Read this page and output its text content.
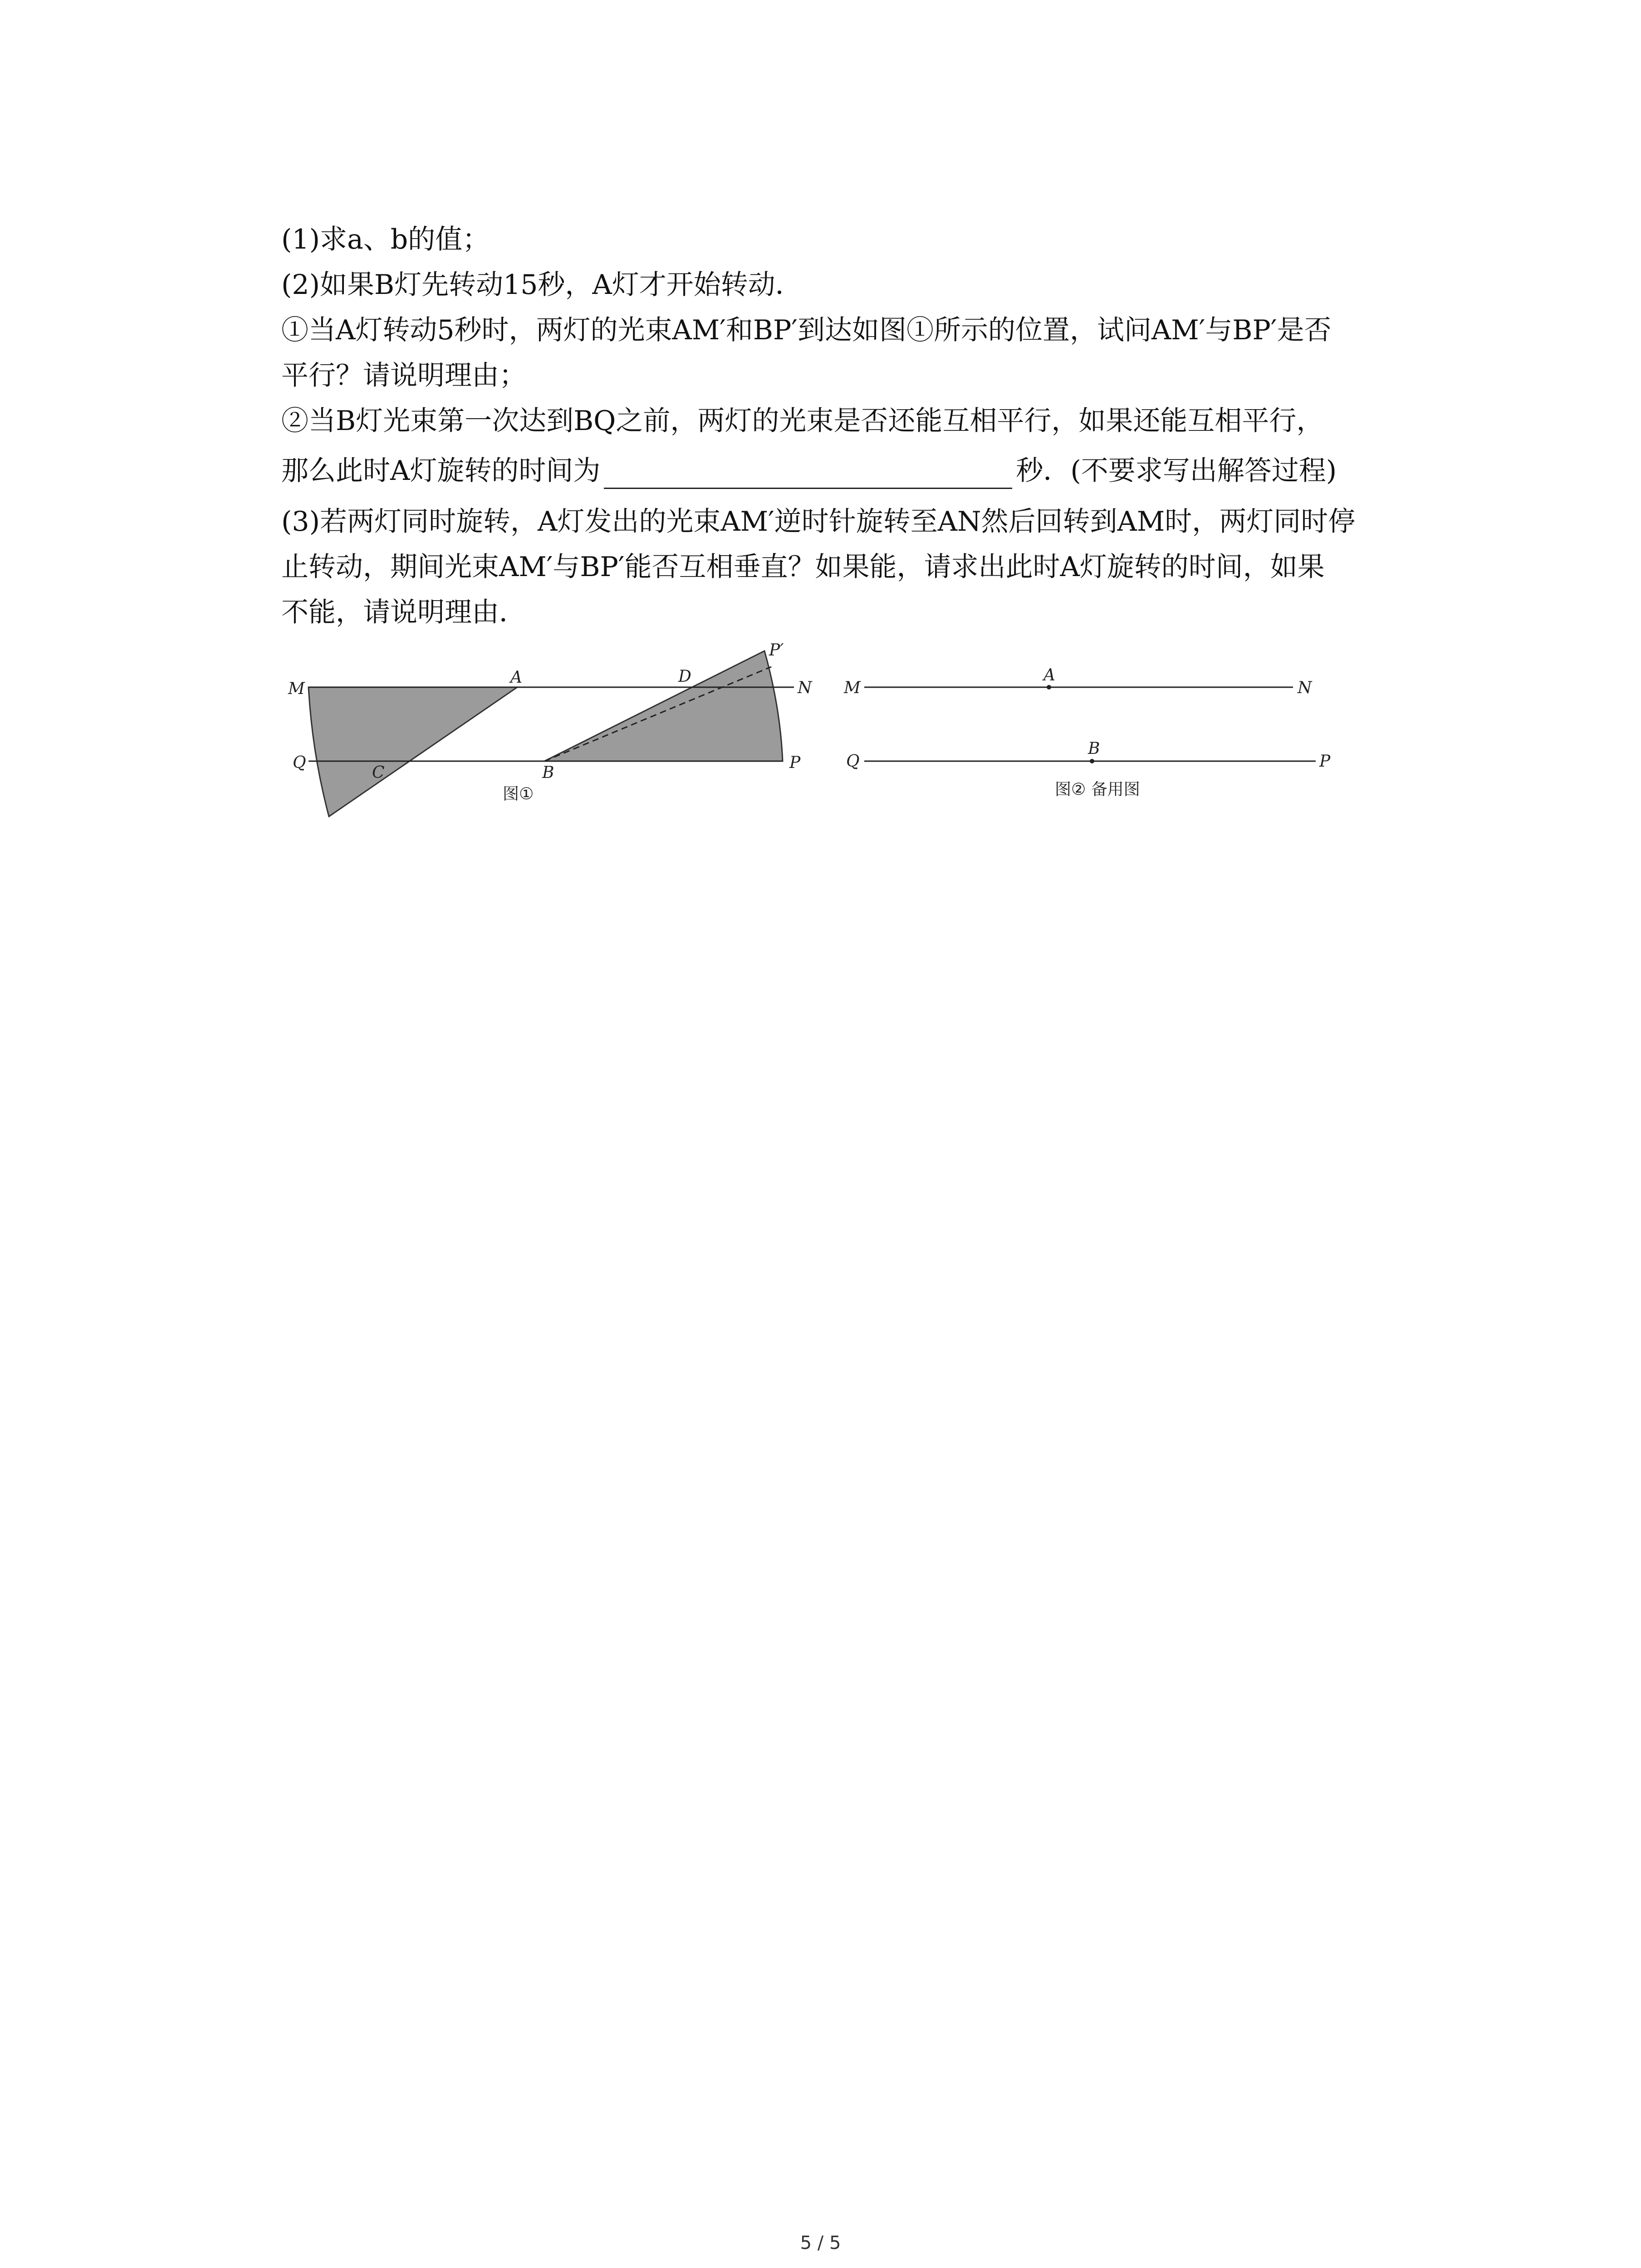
(1)求a、b的值；
(2)如果B灯先转动15秒，A灯才开始转动．
①当A灯转动5秒时，两灯的光束AM′和BP′到达如图①所示的位置，试问AM′与BP′是否
平行？请说明理由；
②当B灯光束第一次达到BQ之前，两灯的光束是否还能互相平行，如果还能互相平行，
那么此时A灯旋转的时间为	秒．(不要求写出解答过程)
(3)若两灯同时旋转，A灯发出的光束AM′逆时针旋转至AN然后回转到AM时，两灯同时停
止转动，期间光束AM′与BP′能否互相垂直？如果能，请求出此时A灯旋转的时间，如果
不能，请说明理由．
M
A	D
P′
N
Q
C	B
P
图①
M
A
N
Q
B
P
图② 备用图
5 / 5
